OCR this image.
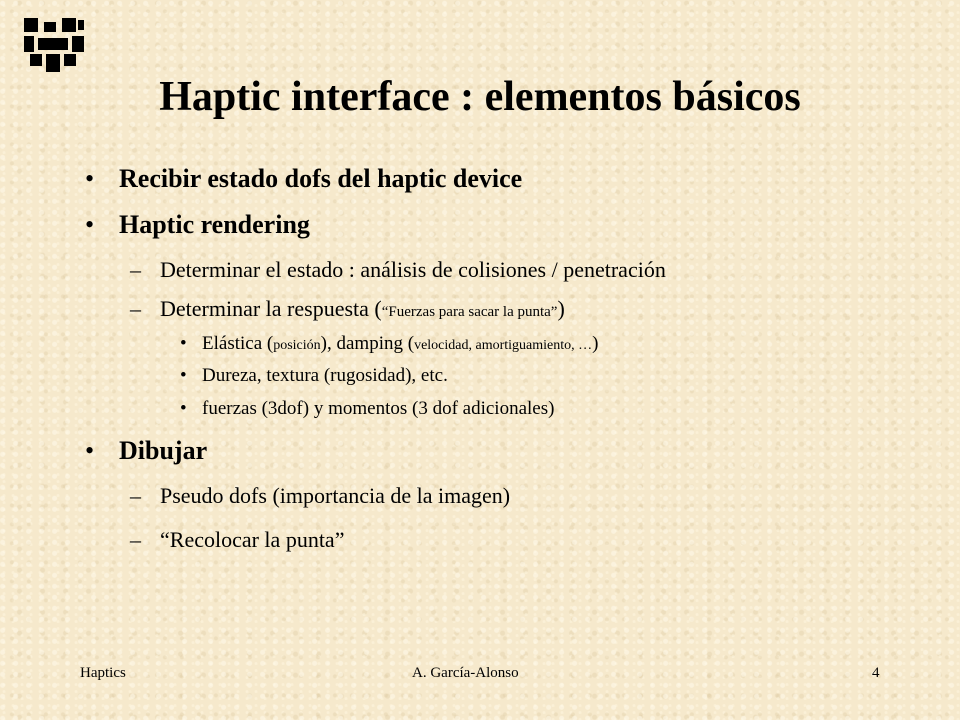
Haptic interface : elementos básicos
• Recibir estado dofs del haptic device
• Haptic rendering
– Determinar el estado : análisis de colisiones / penetración
– Determinar la respuesta (“Fuerzas para sacar la punta”)
• Elástica (posición), damping (velocidad, amortiguamiento, …)
• Dureza, textura (rugosidad), etc.
• fuerzas (3dof) y momentos (3 dof adicionales)
• Dibujar
– Pseudo dofs (importancia de la imagen)
– “Recolocar la punta”
Haptics	A. García-Alonso	4
